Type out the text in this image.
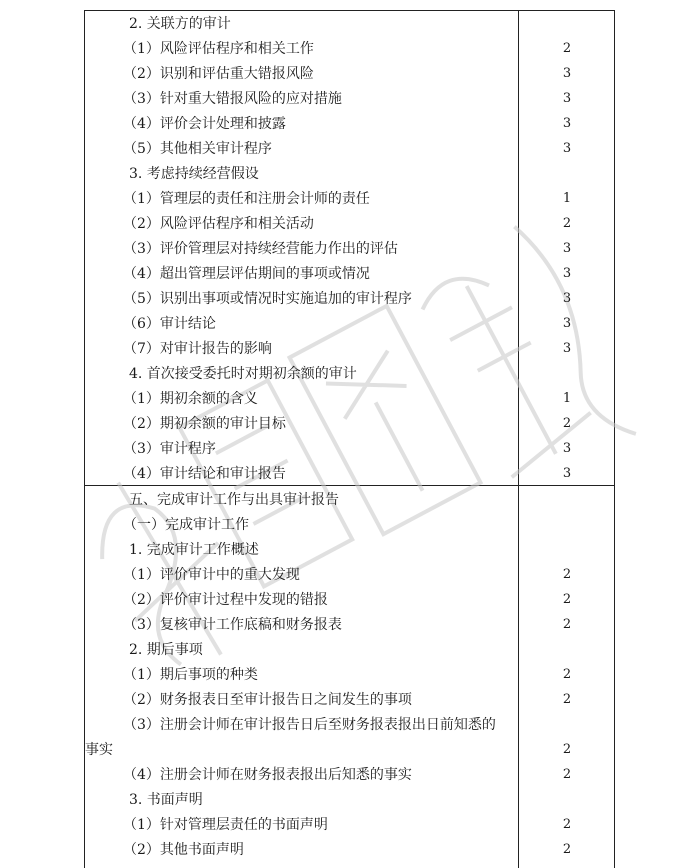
2. 关联方的审计
（1）风险评估程序和相关工作	2
（2）识别和评估重大错报风险	3
（3）针对重大错报风险的应对措施	3
（4）评价会计处理和披露	3
（5）其他相关审计程序	3
3. 考虑持续经营假设
（1）管理层的责任和注册会计师的责任	1
（2）风险评估程序和相关活动	2
（3）评价管理层对持续经营能力作出的评估	3
（4）超出管理层评估期间的事项或情况	3
（5）识别出事项或情况时实施追加的审计程序	3
（6）审计结论	3
（7）对审计报告的影响	3
4. 首次接受委托时对期初余额的审计
（1）期初余额的含义	1
（2）期初余额的审计目标	2
（3）审计程序	3
（4）审计结论和审计报告	3
五、完成审计工作与出具审计报告
（一）完成审计工作
1. 完成审计工作概述
（1）评价审计中的重大发现	2
（2）评价审计过程中发现的错报	2
（3）复核审计工作底稿和财务报表	2
2. 期后事项
（1）期后事项的种类	2
（2）财务报表日至审计报告日之间发生的事项	2
（3）注册会计师在审计报告日后至财务报表报出日前知悉的
事实	2
（4）注册会计师在财务报表报出后知悉的事实	2
3. 书面声明
（1）针对管理层责任的书面声明	2
（2）其他书面声明	2
